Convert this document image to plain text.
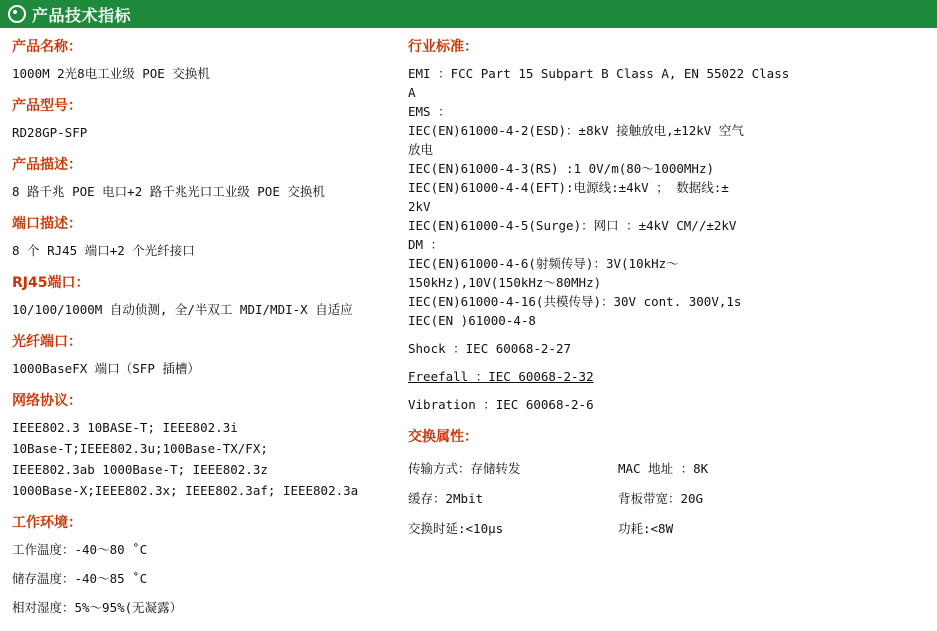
产品技术指标
产品名称：
1000M 2光8电工业级 POE 交换机
产品型号：
RD28GP-SFP
产品描述：
8 路千兆 POE 电口+2 路千兆光口工业级 POE 交换机
端口描述：
8 个 RJ45 端口+2 个光纤接口
RJ45端口：
10/100/1000M 自动侦测, 全/半双工 MDI/MDI-X 自适应
光纤端口：
1000BaseFX 端口（SFP 插槽）
网络协议：
IEEE802.3 10BASE-T; IEEE802.3i
10Base-T;IEEE802.3u;100Base-TX/FX;
IEEE802.3ab 1000Base-T; IEEE802.3z
1000Base-X;IEEE802.3x; IEEE802.3af; IEEE802.3a
工作环境：
工作温度：-40～80 ˚C
储存温度：-40～85 ˚C
相对湿度：5%～95%(无凝露）
行业标准：
EMI ：FCC Part 15 Subpart B Class A, EN 55022 Class
A
EMS ：
IEC(EN)61000-4-2(ESD)：±8kV 接触放电,±12kV 空气
放电
IEC(EN)61000-4-3(RS) :1 0V/m(80～1000MHz)
IEC(EN)61000-4-4(EFT):电源线:±4kV ； 数据线:±
2kV
IEC(EN)61000-4-5(Surge)：网口 ：±4kV CM//±2kV
DM ：
IEC(EN)61000-4-6(射频传导)：3V(10kHz～
150kHz),10V(150kHz～80MHz)
IEC(EN)61000-4-16(共模传导)：30V cont. 300V,1s
IEC(EN )61000-4-8
Shock ：IEC 60068-2-27
Freefall ：IEC 60068-2-32
Vibration ：IEC 60068-2-6
交换属性：
传输方式：存储转发	MAC 地址 ：8K
缓存：2Mbit	背板带宽：20G
交换时延:<10μs	功耗:<8W
